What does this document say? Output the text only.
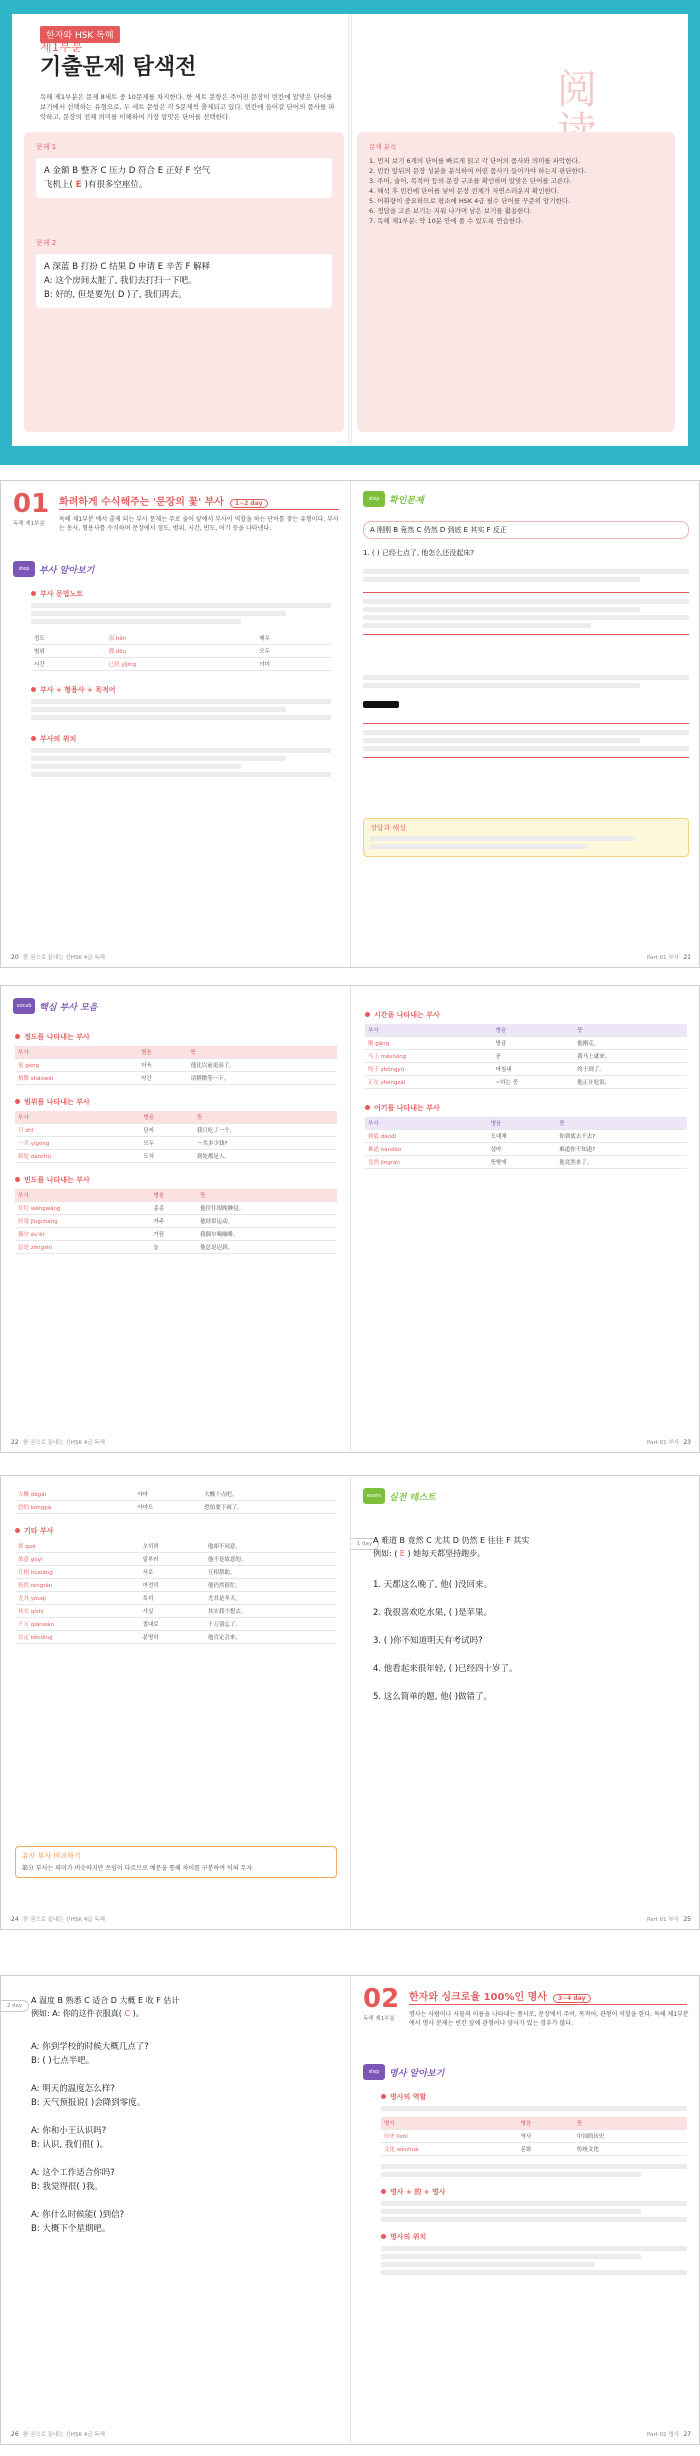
한자와 HSK 독해
제1부분
기출문제 탐색전
독해 제1부분은 문제 8세트 중 10문제를 차지한다. 한 세트 문항은 주어진 문장이 빈칸에 알맞은 단어를 보기에서 선택하는 유형으로, 두 세트 문항은 각 5문제씩 출제되고 있다. 빈칸에 들어갈 단어의 품사를 파악하고, 문장의 전체 의미를 이해하여 가장 알맞은 단어를 선택한다.
阅
문제 1
A 金额 B 整齐 C 压力 D 符合 E 正好 F 空气
飞机上( E )有很多空座位。
문제 2
A 深蓝 B 打扮 C 结果 D 申请 E 辛苦 F 解释
A: 这个房间太脏了, 我们去打扫一下吧。
B: 好的, 但是要先( D )了, 我们再去。
문제 분석
1. 먼저 보기 6개의 단어를 빠르게 읽고 각 단어의 품사와 의미를 파악한다.
2. 빈칸 앞뒤의 문장 성분을 분석하여 어떤 품사가 들어가야 하는지 판단한다.
3. 주어, 술어, 목적어 등의 문장 구조를 확인하며 알맞은 단어를 고른다.
4. 해석 후 빈칸에 단어를 넣어 문장 전체가 자연스러운지 확인한다.
5. 어휘량이 중요하므로 평소에 HSK 4급 필수 단어를 꾸준히 암기한다.
6. 정답을 고른 보기는 지워 나가며 남은 보기를 활용한다.
7. 독해 제1부분: 약 10분 안에 풀 수 있도록 연습한다.
01 화려하게 수식해주는 '문장의 꽃' 부사 1~2 day
독해 제1부분
독해 제1부분 에서 출제 되는 부사 문제는 주로 술어 앞에서 부사어 역할을 하는 단어를 찾는 유형이다. 부사는 동사, 형용사를 수식하며 문장에서 정도, 범위, 시간, 빈도, 어기 등을 나타낸다.
step	부사 알아보기
부사 문법노트
정도	很 hěn	매우
범위	都 dōu	모두
시간	已经 yǐjīng	이미
부사 + 형용사 + 목적어
부사의 위치
한 권으로 끝내는 신HSK 4급 독해
20
step	확인문제
A 刚刚 B 竟然 C 仍然 D 到底 E 其实 F 反正
1. ( ) 已经七点了, 他怎么还没起床?
정답과 해설
Part 01 부사 21
vocab 핵심 부사 모음
정도를 나타내는 부사
부사	병음	뜻
更 gèng	더욱	他比以前更高了。
稍微 shāowēi	약간	请稍微等一下。
범위를 나타내는 부사
부사	병음	뜻
只 zhǐ	단지	我只吃了一个。
一共 yígòng	모두	一共多少钱?
到处 dàochù	도처	到处都是人。
빈도를 나타내는 부사
부사	병음	뜻
往往 wǎngwǎng	종종	他往往很晚睡觉。
经常 jīngcháng	자주	他经常运动。
偶尔 ǒu'ěr	가끔	我偶尔喝咖啡。
总是 zǒngshì	늘	他总是迟到。
한 권으로 끝내는 신HSK 4급 독해
22
시간을 나타내는 부사
부사	병음	뜻
刚 gāng	방금	他刚走。
马上 mǎshàng	곧	我马上就来。
终于 zhōngyú	마침내	终于到了。
正在 zhèngzài	~하는 중	他正在吃饭。
어기를 나타내는 부사
부사	병음	뜻
到底 dàodǐ	도대체	你到底去不去?
难道 nándào	설마	难道你不知道?
竟然 jìngrán	뜻밖에	他竟然来了。
Part 01 부사 23
大概 dàgài	아마	大概十点吧。
恐怕 kǒngpà	아마도	恐怕要下雨了。
기타 부사
却 què	오히려	他却不同意。
故意 gùyì	일부러	他不是故意的。
互相 hùxiāng	서로	互相帮助。
仍然 réngrán	여전히	他仍然很忙。
尤其 yóuqí	특히	尤其是冬天。
其实 qíshí	사실	其实我不想去。
千万 qiānwàn	절대로	千万别忘了。
肯定 kěndìng	분명히	他肯定会来。
유사 부사 비교하기
部分 부사는 의미가 비슷하지만 쓰임이 다르므로 예문을 통해 차이를 구분하여 익혀 두자.
한 권으로 끝내는 신HSK 4급 독해
24
exam 실전 테스트
1 day A 难道 B 竟然 C 尤其 D 仍然 E 往往 F 其实
例如: ( E ) 她每天都坚持跑步。
1. 天都这么晚了, 他( )没回来。
2. 我很喜欢吃水果, ( )是苹果。
3. ( )你不知道明天有考试吗?
4. 他看起来很年轻, ( )已经四十岁了。
5. 这么简单的题, 他( )做错了。
Part 01 부사 25
2 day
A 温度 B 熟悉 C 适合 D 大概 E 收 F 估计
例如: A: 你的这件衣服真( C )。
A: 你到学校的时候大概几点了?
B: ( )七点半吧。
A: 明天的温度怎么样?
B: 天气预报说( )会降到零度。
A: 你和小王认识吗?
B: 认识, 我们很( )。
A: 这个工作适合你吗?
B: 我觉得很( )我。
A: 你什么时候能( )到信?
B: 大概下个星期吧。
한 권으로 끝내는 신HSK 4급 독해
26
02 한자와 싱크로율 100%인 명사 3~4 day
독해 제1부분
명사는 사람이나 사물의 이름을 나타내는 품사로, 문장에서 주어, 목적어, 관형어 역할을 한다. 독해 제1부분에서 명사 문제는 빈칸 앞에 관형어나 양사가 있는 경우가 많다.
step	명사 알아보기
명사의 역할
명사	병음	뜻
历史 lìshǐ	역사	中国的历史
文化 wénhuà	문화	传统文化
명사 + 的 + 명사
명사의 위치
Part 02 명사 27
